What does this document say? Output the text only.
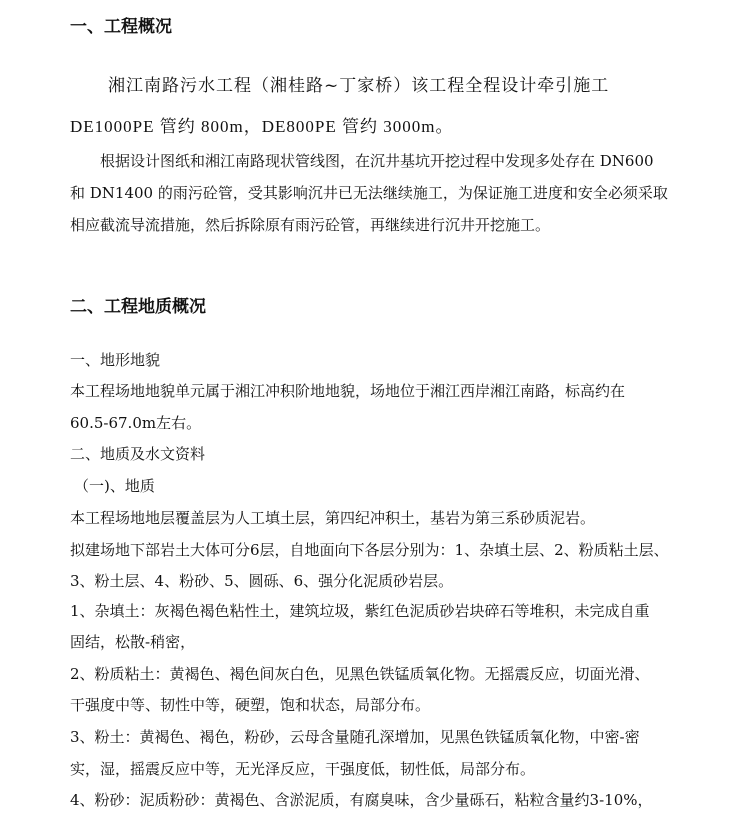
一、工程概况
湘江南路污水工程（湘桂路~丁家桥）该工程全程设计牵引施工
DE1000PE 管约 800m，DE800PE 管约 3000m。
根据设计图纸和湘江南路现状管线图，在沉井基坑开挖过程中发现多处存在 DN600
和 DN1400 的雨污砼管，受其影响沉井已无法继续施工，为保证施工进度和安全必须采取
相应截流导流措施，然后拆除原有雨污砼管，再继续进行沉井开挖施工。
二、工程地质概况
一、地形地貌
本工程场地地貌单元属于湘江冲积阶地地貌，场地位于湘江西岸湘江南路，标高约在
60.5-67.0m左右。
二、地质及水文资料
（一)、地质
本工程场地地层覆盖层为人工填土层，第四纪冲积土，基岩为第三系砂质泥岩。
拟建场地下部岩土大体可分6层，自地面向下各层分别为：1、杂填土层、2、粉质粘土层、
3、粉土层、4、粉砂、5、圆砾、6、强分化泥质砂岩层。
1、杂填土：灰褐色褐色粘性土，建筑垃圾，紫红色泥质砂岩块碎石等堆积，未完成自重
固结，松散-稍密，
2、粉质粘土：黄褐色、褐色间灰白色，见黑色铁锰质氧化物。无摇震反应，切面光滑、
干强度中等、韧性中等，硬塑，饱和状态，局部分布。
3、粉土：黄褐色、褐色，粉砂，云母含量随孔深增加，见黑色铁锰质氧化物，中密-密
实，湿，摇震反应中等，无光泽反应，干强度低，韧性低，局部分布。
4、粉砂：泥质粉砂：黄褐色、含淤泥质，有腐臭味，含少量砾石，粘粒含量约3-10%，
